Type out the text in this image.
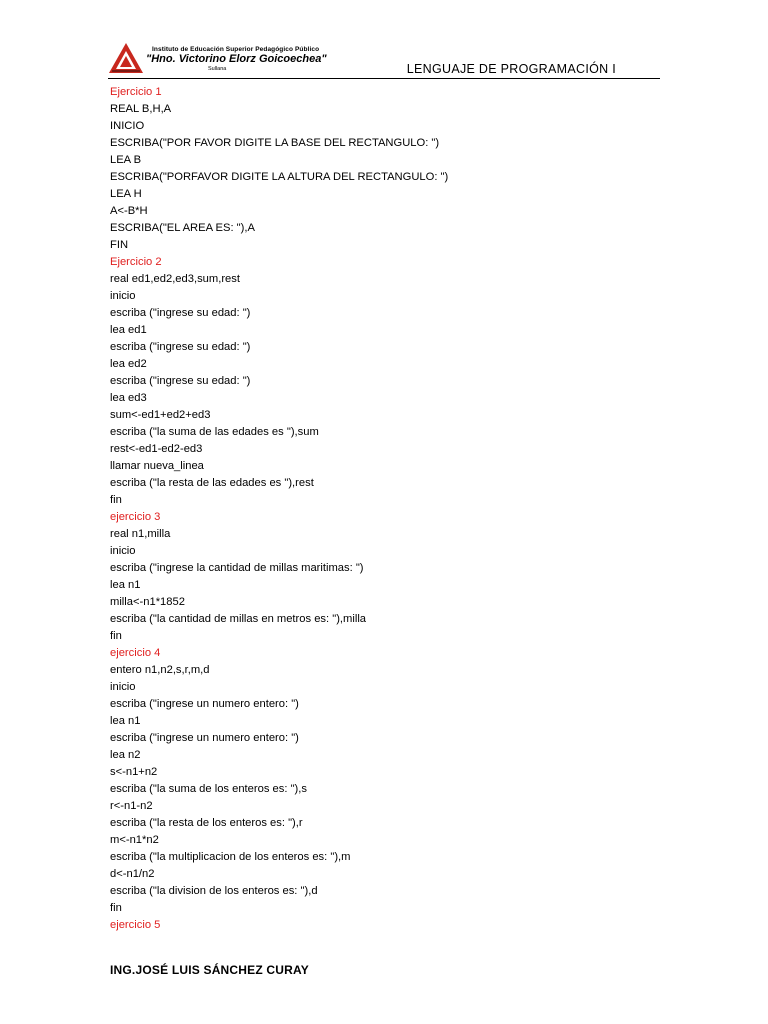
Instituto de Educación Superior Pedagógico Público
"Hno. Victorino Elorz Goicoechea"
Sullana	LENGUAJE DE PROGRAMACIÓN I
Ejercicio 1
REAL B,H,A
INICIO
ESCRIBA("POR FAVOR DIGITE LA BASE DEL RECTANGULO: ")
LEA B
ESCRIBA("PORFAVOR DIGITE LA ALTURA DEL RECTANGULO: ")
LEA H
A<-B*H
ESCRIBA("EL AREA ES: "),A
FIN
Ejercicio 2
real ed1,ed2,ed3,sum,rest
inicio
escriba ("ingrese su edad: ")
lea ed1
escriba ("ingrese su edad: ")
lea ed2
escriba ("ingrese su edad: ")
lea ed3
sum<-ed1+ed2+ed3
escriba ("la suma de las edades es "),sum
rest<-ed1-ed2-ed3
llamar nueva_linea
escriba ("la resta de las edades es "),rest
fin
ejercicio 3
real n1,milla
inicio
escriba ("ingrese la cantidad de millas maritimas: ")
lea n1
milla<-n1*1852
escriba ("la cantidad de millas en metros es: "),milla
fin
ejercicio 4
entero n1,n2,s,r,m,d
inicio
escriba ("ingrese un numero entero: ")
lea n1
escriba ("ingrese un numero entero: ")
lea n2
s<-n1+n2
escriba ("la suma de los enteros es: "),s
r<-n1-n2
escriba ("la resta de los enteros es: "),r
m<-n1*n2
escriba ("la multiplicacion de los enteros es: "),m
d<-n1/n2
escriba ("la division de los enteros es: "),d
fin
ejercicio 5
ING.JOSÉ LUIS SÁNCHEZ CURAY
